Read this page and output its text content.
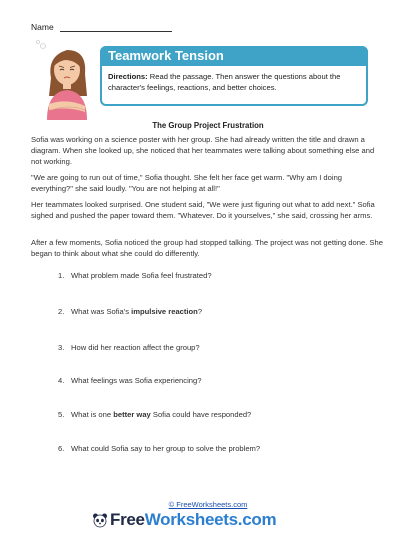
Name
Teamwork Tension
Directions: Read the passage. Then answer the questions about the character's feelings, reactions, and better choices.
The Group Project Frustration
Sofia was working on a science poster with her group. She had already written the title and drawn a diagram. When she looked up, she noticed that her teammates were talking about something else and not working.
"We are going to run out of time," Sofia thought. She felt her face get warm. "Why am I doing everything?" she said loudly. "You are not helping at all!"
Her teammates looked surprised. One student said, "We were just figuring out what to add next." Sofia sighed and pushed the paper toward them. "Whatever. Do it yourselves," she said, crossing her arms.
After a few moments, Sofia noticed the group had stopped talking. The project was not getting done. She began to think about what she could do differently.
1. What problem made Sofia feel frustrated?
2. What was Sofia's impulsive reaction?
3. How did her reaction affect the group?
4. What feelings was Sofia experiencing?
5. What is one better way Sofia could have responded?
6. What could Sofia say to her group to solve the problem?
© FreeWorksheets.com
FreeWorksheets.com
